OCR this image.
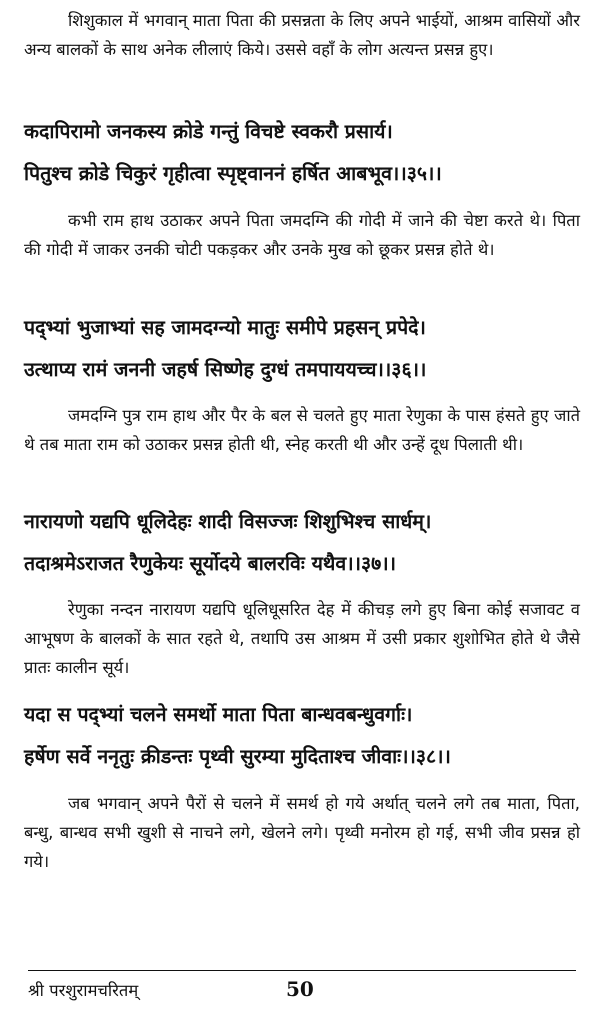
शिशुकाल में भगवान् माता पिता की प्रसन्नता के लिए अपने भाईयों, आश्रम वासियों और अन्य बालकों के साथ अनेक लीलाएं किये। उससे वहाँ के लोग अत्यन्त प्रसन्न हुए।

कदापिरामो जनकस्य क्रोडे गन्तुं विचष्टे स्वकरौ प्रसार्य।

पितुश्च क्रोडे चिकुरं गृहीत्वा स्पृष्ट्वाननं हर्षित आबभूव।।३५।।

कभी राम हाथ उठाकर अपने पिता जमदग्नि की गोदी में जाने की चेष्टा करते थे। पिता की गोदी में जाकर उनकी चोटी पकड़कर और उनके मुख को छूकर प्रसन्न होते थे।

पद्भ्यां भुजाभ्यां सह जामदग्न्यो मातुः समीपे प्रहसन् प्रपेदे।

उत्थाप्य रामं जननी जहर्ष सिष्णेह दुग्धं तमपाययच्च।।३६।।

जमदग्नि पुत्र राम हाथ और पैर के बल से चलते हुए माता रेणुका के पास हंसते हुए जाते थे तब माता राम को उठाकर प्रसन्न होती थी, स्नेह करती थी और उन्हें दूध पिलाती थी।

नारायणो यद्यपि धूलिदेहः शादी विसज्जः शिशुभिश्च सार्धम्।

तदाश्रमेऽराजत रैणुकेयः सूर्योदये बालरविः यथैव।।३७।।

रेणुका नन्दन नारायण यद्यपि धूलिधूसरित देह में कीचड़ लगे हुए बिना कोई सजावट व आभूषण के बालकों के सात रहते थे, तथापि उस आश्रम में उसी प्रकार शुशोभित होते थे जैसे प्रातः कालीन सूर्य।

यदा स पद्भ्यां चलने समर्थो माता पिता बान्धवबन्धुवर्गाः।

हर्षेण सर्वे ननृतुः क्रीडन्तः पृथ्वी सुरम्या मुदिताश्च जीवाः।।३८।।

जब भगवान् अपने पैरों से चलने में समर्थ हो गये अर्थात् चलने लगे तब माता, पिता, बन्धु, बान्धव सभी खुशी से नाचने लगे, खेलने लगे। पृथ्वी मनोरम हो गई, सभी जीव प्रसन्न हो गये।

श्री परशुरामचरितम्	50
